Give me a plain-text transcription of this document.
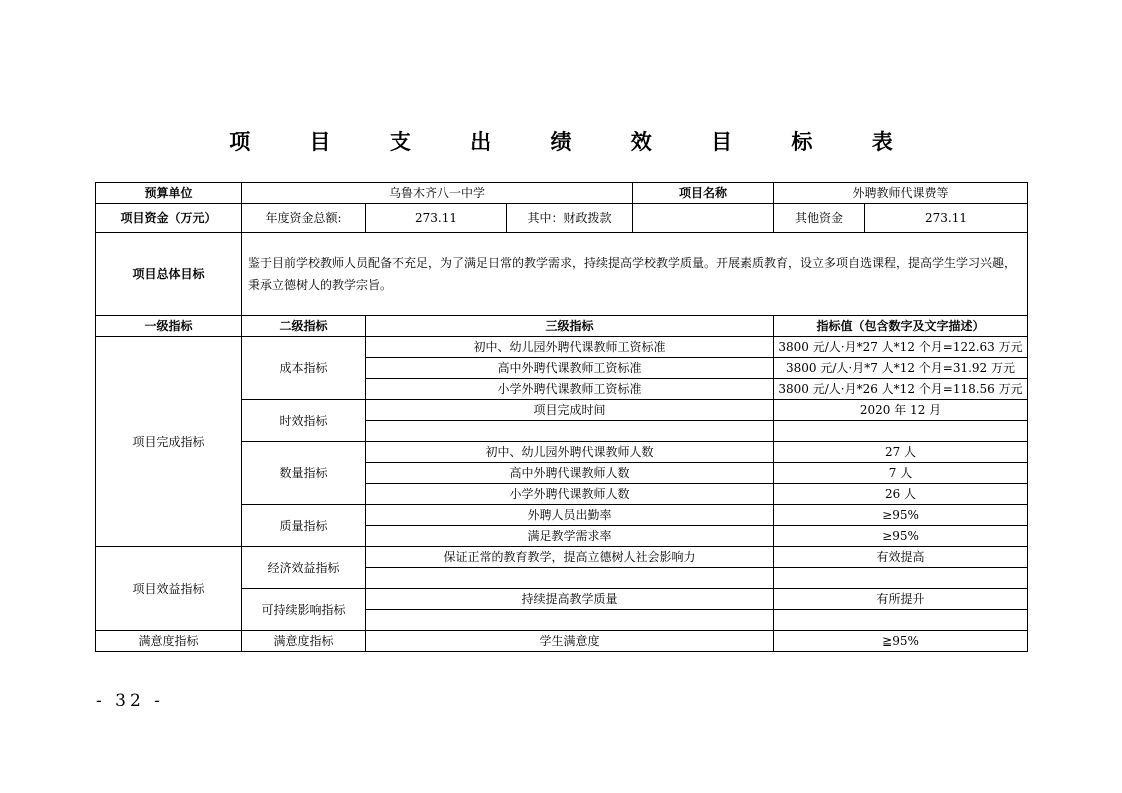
项 目 支 出 绩 效 目 标 表
预算单位	乌鲁木齐八一中学			项目名称	外聘教师代课费等	
项目资金（万元）	年度资金总额:	273.11	其中：财政拨款		其他资金	273.11
项目总体目标	鉴于目前学校教师人员配备不充足，为了满足日常的教学需求，持续提高学校教学质量。开展素质教育，设立多项自选课程，提高学生学习兴趣，秉承立德树人的教学宗旨。					
一级指标	二级指标	三级指标			指标值（包含数字及文字描述）	
项目完成指标	成本指标	初中、幼儿园外聘代课教师工资标准			3800 元/人·月*27 人*12 个月=122.63 万元	
		高中外聘代课教师工资标准			3800 元/人·月*7 人*12 个月=31.92 万元	
		小学外聘代课教师工资标准			3800 元/人·月*26 人*12 个月=118.56 万元	
	时效指标	项目完成时间			2020 年 12 月	

	数量指标	初中、幼儿园外聘代课教师人数			27 人	
		高中外聘代课教师人数			7 人	
		小学外聘代课教师人数			26 人	
	质量指标	外聘人员出勤率			≥95%	
		满足教学需求率			≥95%	
项目效益指标	经济效益指标	保证正常的教育教学，提高立德树人社会影响力			有效提高	

	可持续影响指标	持续提高教学质量			有所提升	

满意度指标	满意度指标	学生满意度			≧95%	
- 32 -
